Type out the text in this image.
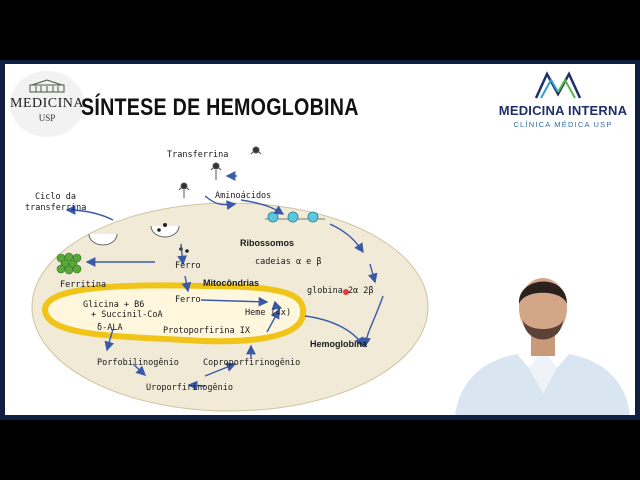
MEDICINA
USP	SÍNTESE DE HEMOGLOBINA	MEDICINA INTERNA
CLÍNICA MÉDICA USP
Transferrina
Aminoácidos
Ciclo da
transferrina
Ribossomos
cadeias α e β
Ferro
Ferritina	Mitocôndrias
globina 2α 2β
Ferro
Glicina + B6
+ Succinil-CoA	Heme (4x)
δ-ALA	Protoporfirina IX
Hemoglobina
Porfobilinogênio	Coproporfirinogênio
Uroporfirinogênio
